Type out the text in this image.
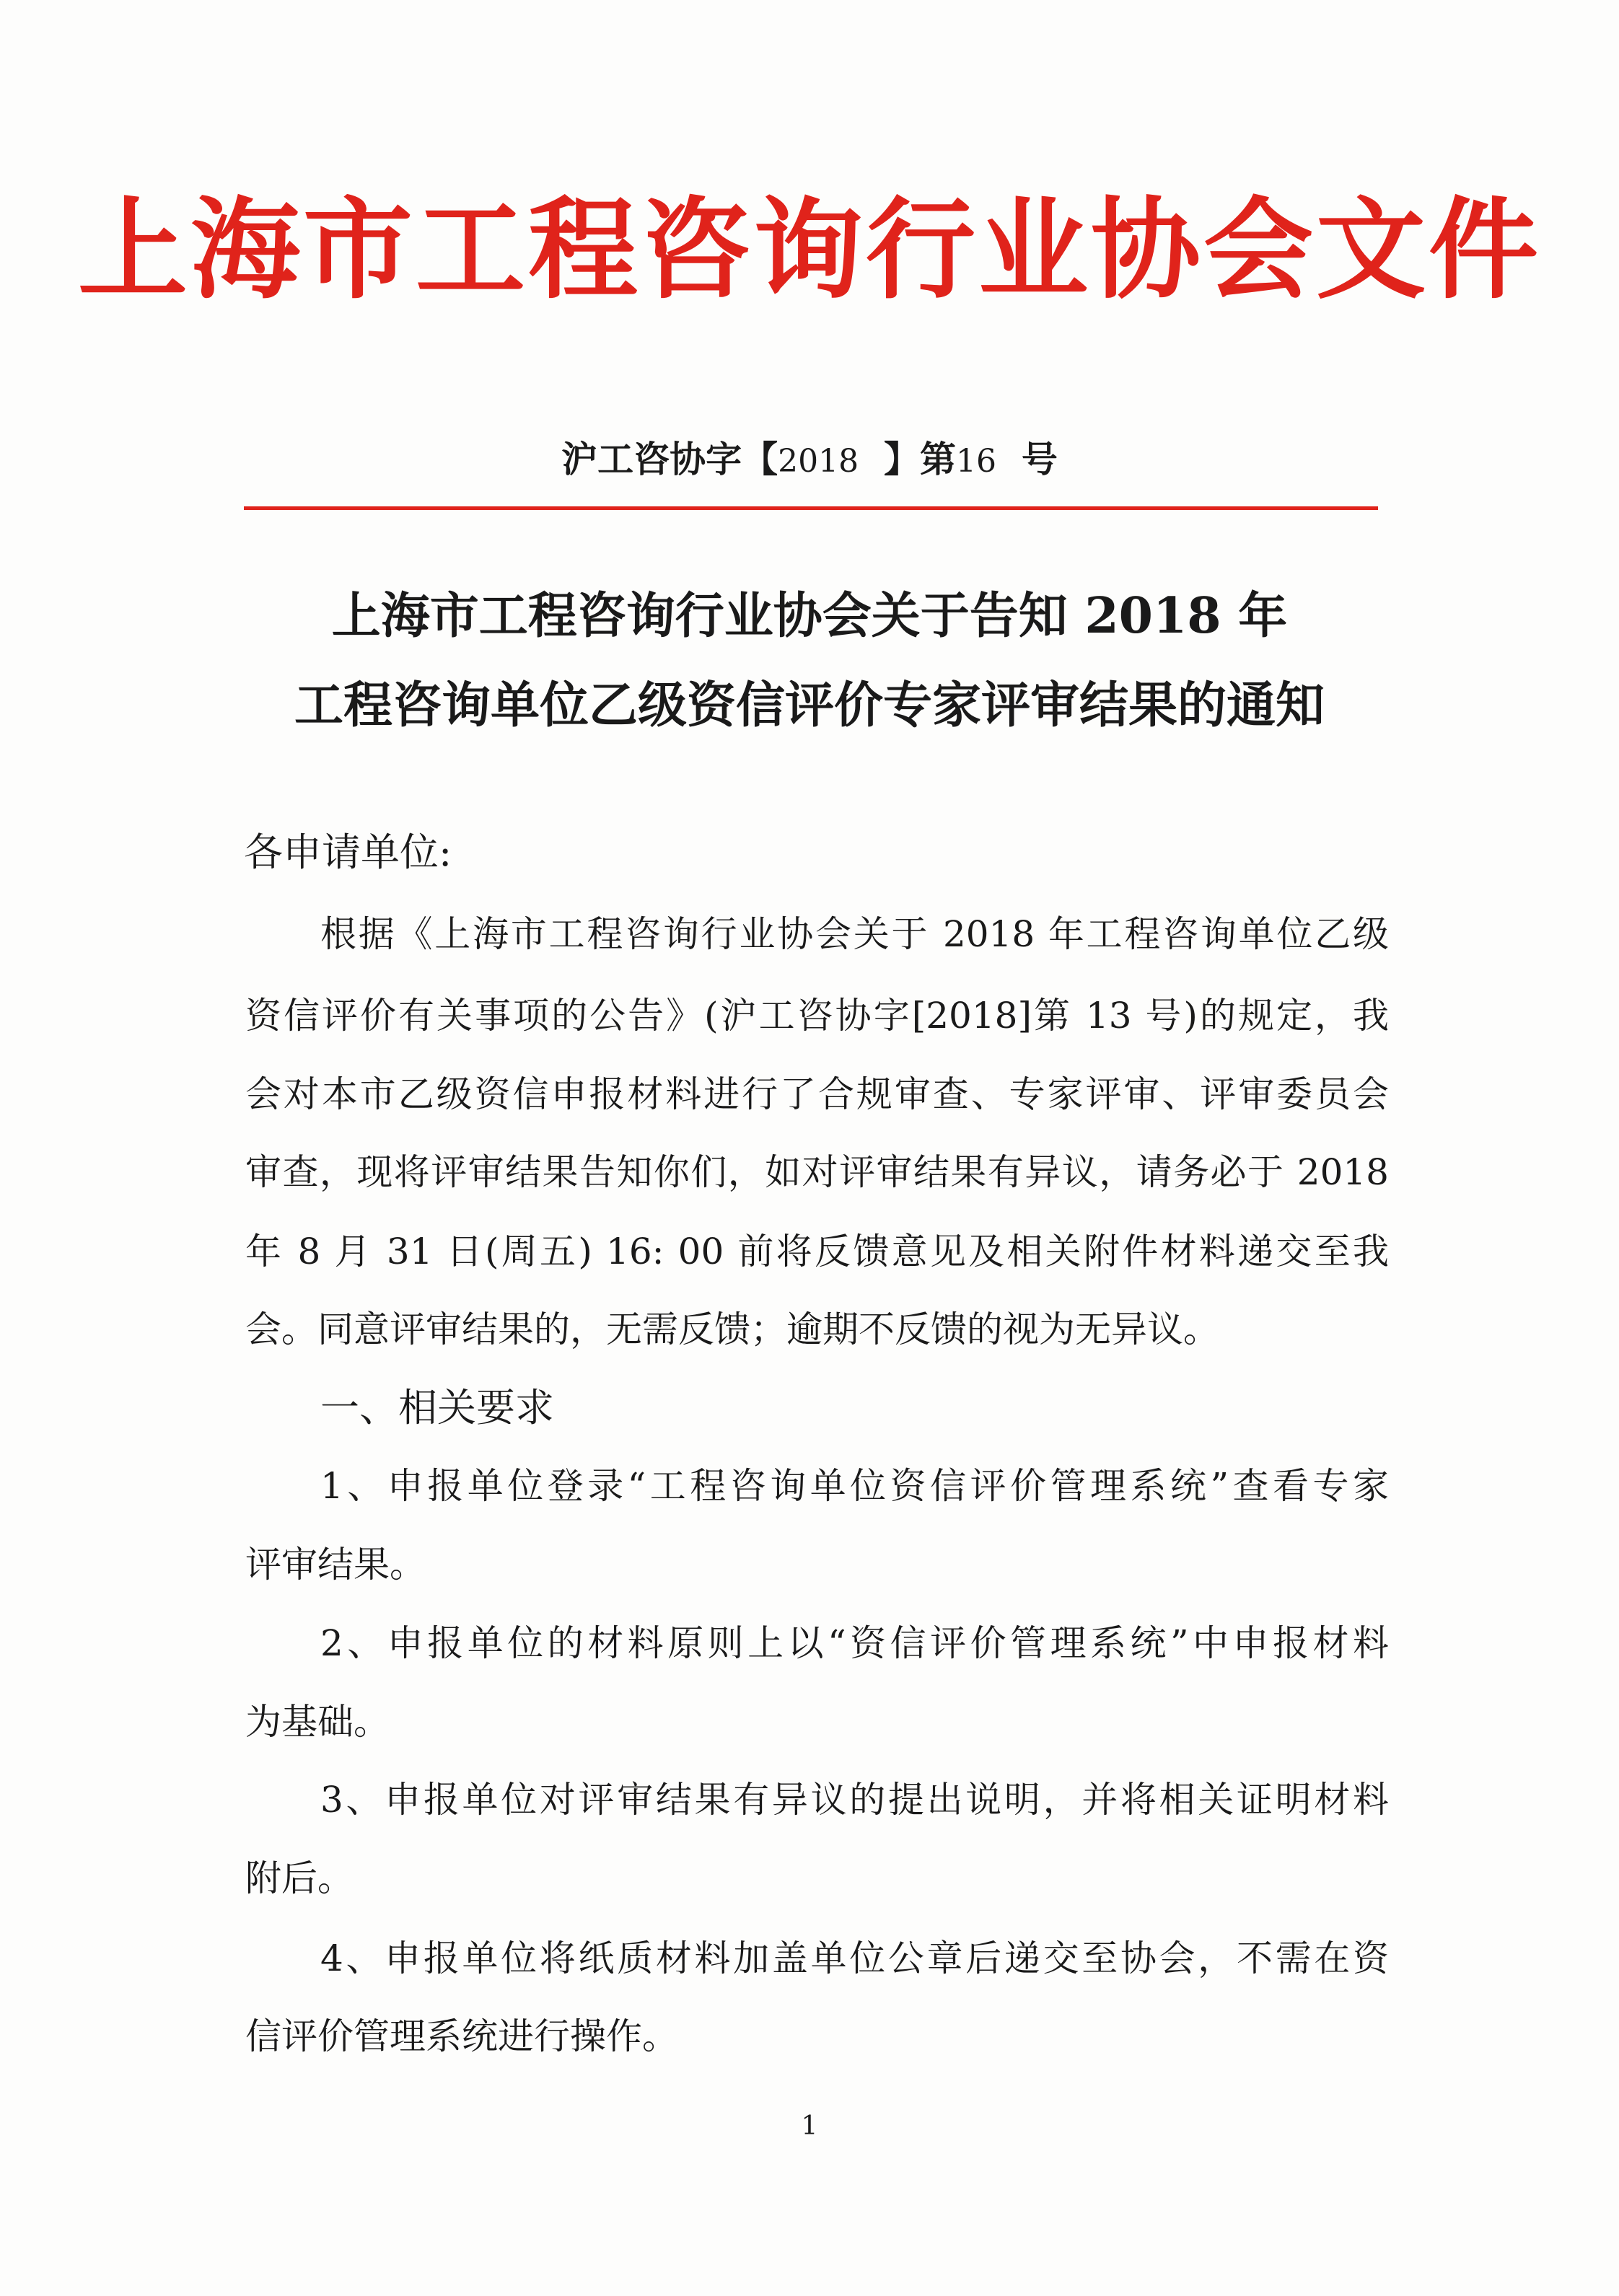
上海市工程咨询行业协会文件
沪工咨协字【2018 】第16 号
上海市工程咨询行业协会关于告知 2018 年
工程咨询单位乙级资信评价专家评审结果的通知
各申请单位:
根据《上海市工程咨询行业协会关于 2018 年工程咨询单位乙级
资信评价有关事项的公告》(沪工咨协字[2018]第 13 号)的规定，我
会对本市乙级资信申报材料进行了合规审查、专家评审、评审委员会
审查，现将评审结果告知你们，如对评审结果有异议，请务必于 2018
年 8 月 31 日(周五) 16: 00 前将反馈意见及相关附件材料递交至我
会。同意评审结果的，无需反馈；逾期不反馈的视为无异议。
一、相关要求
1、申报单位登录“工程咨询单位资信评价管理系统”查看专家
评审结果。
2、申报单位的材料原则上以“资信评价管理系统”中申报材料
为基础。
3、申报单位对评审结果有异议的提出说明，并将相关证明材料
附后。
4、申报单位将纸质材料加盖单位公章后递交至协会，不需在资
信评价管理系统进行操作。
1
